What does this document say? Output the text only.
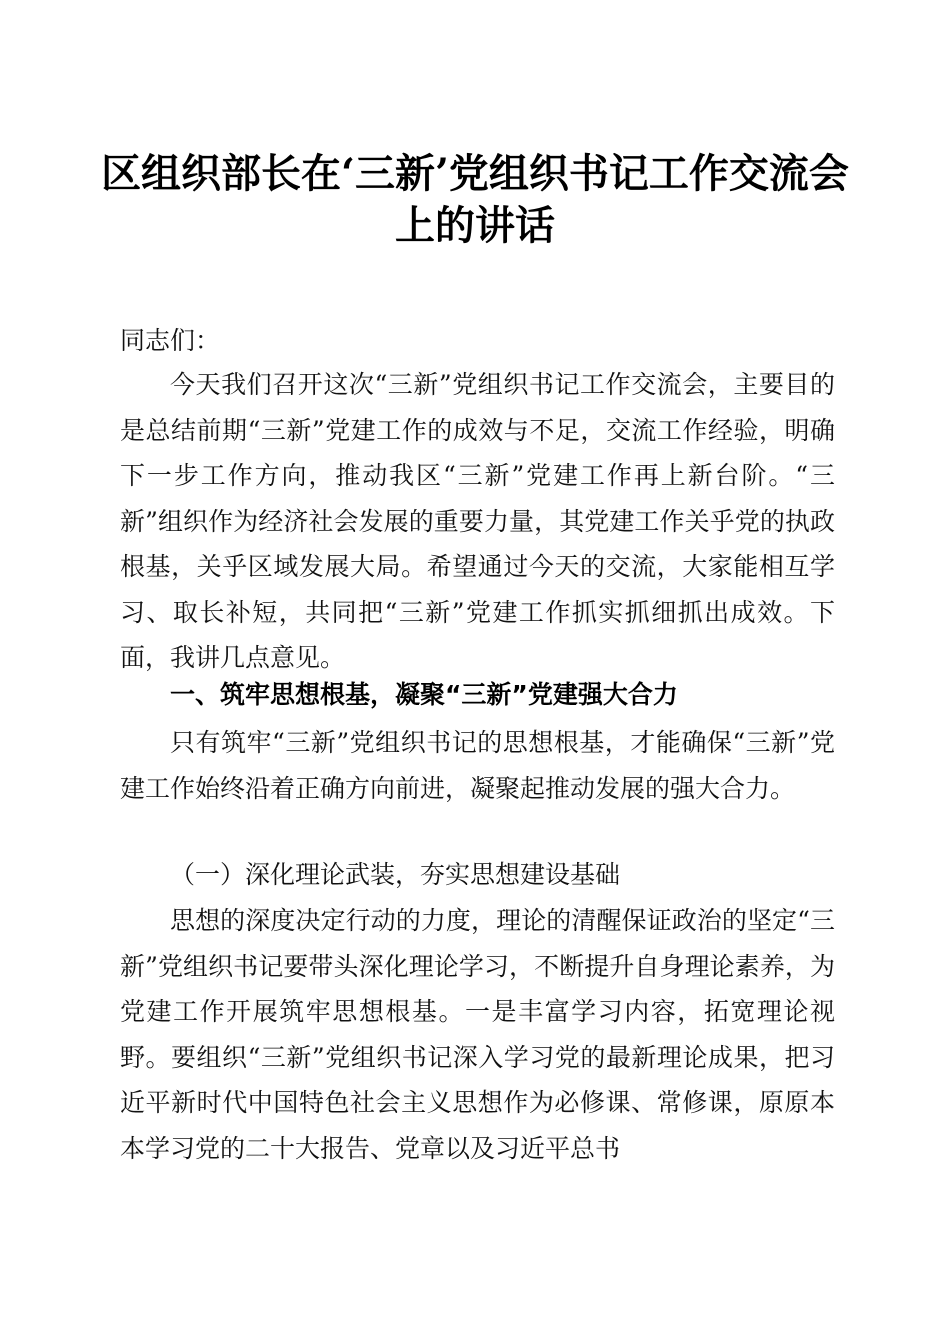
区组织部长在‘三新’党组织书记工作交流会
上的讲话
同志们：

今天我们召开这次“三新”党组织书记工作交流会，主要目的是总结前期“三新”党建工作的成效与不足，交流工作经验，明确下一步工作方向，推动我区“三新”党建工作再上新台阶。“三新”组织作为经济社会发展的重要力量，其党建工作关乎党的执政根基，关乎区域发展大局。希望通过今天的交流，大家能相互学习、取长补短，共同把“三新”党建工作抓实抓细抓出成效。下面，我讲几点意见。

一、筑牢思想根基，凝聚“三新”党建强大合力

只有筑牢“三新”党组织书记的思想根基，才能确保“三新”党建工作始终沿着正确方向前进，凝聚起推动发展的强大合力。

（一）深化理论武装，夯实思想建设基础

思想的深度决定行动的力度，理论的清醒保证政治的坚定“三新”党组织书记要带头深化理论学习，不断提升自身理论素养，为党建工作开展筑牢思想根基。一是丰富学习内容，拓宽理论视野。要组织“三新”党组织书记深入学习党的最新理论成果，把习近平新时代中国特色社会主义思想作为必修课、常修课，原原本本学习党的二十大报告、党章以及习近平总书
